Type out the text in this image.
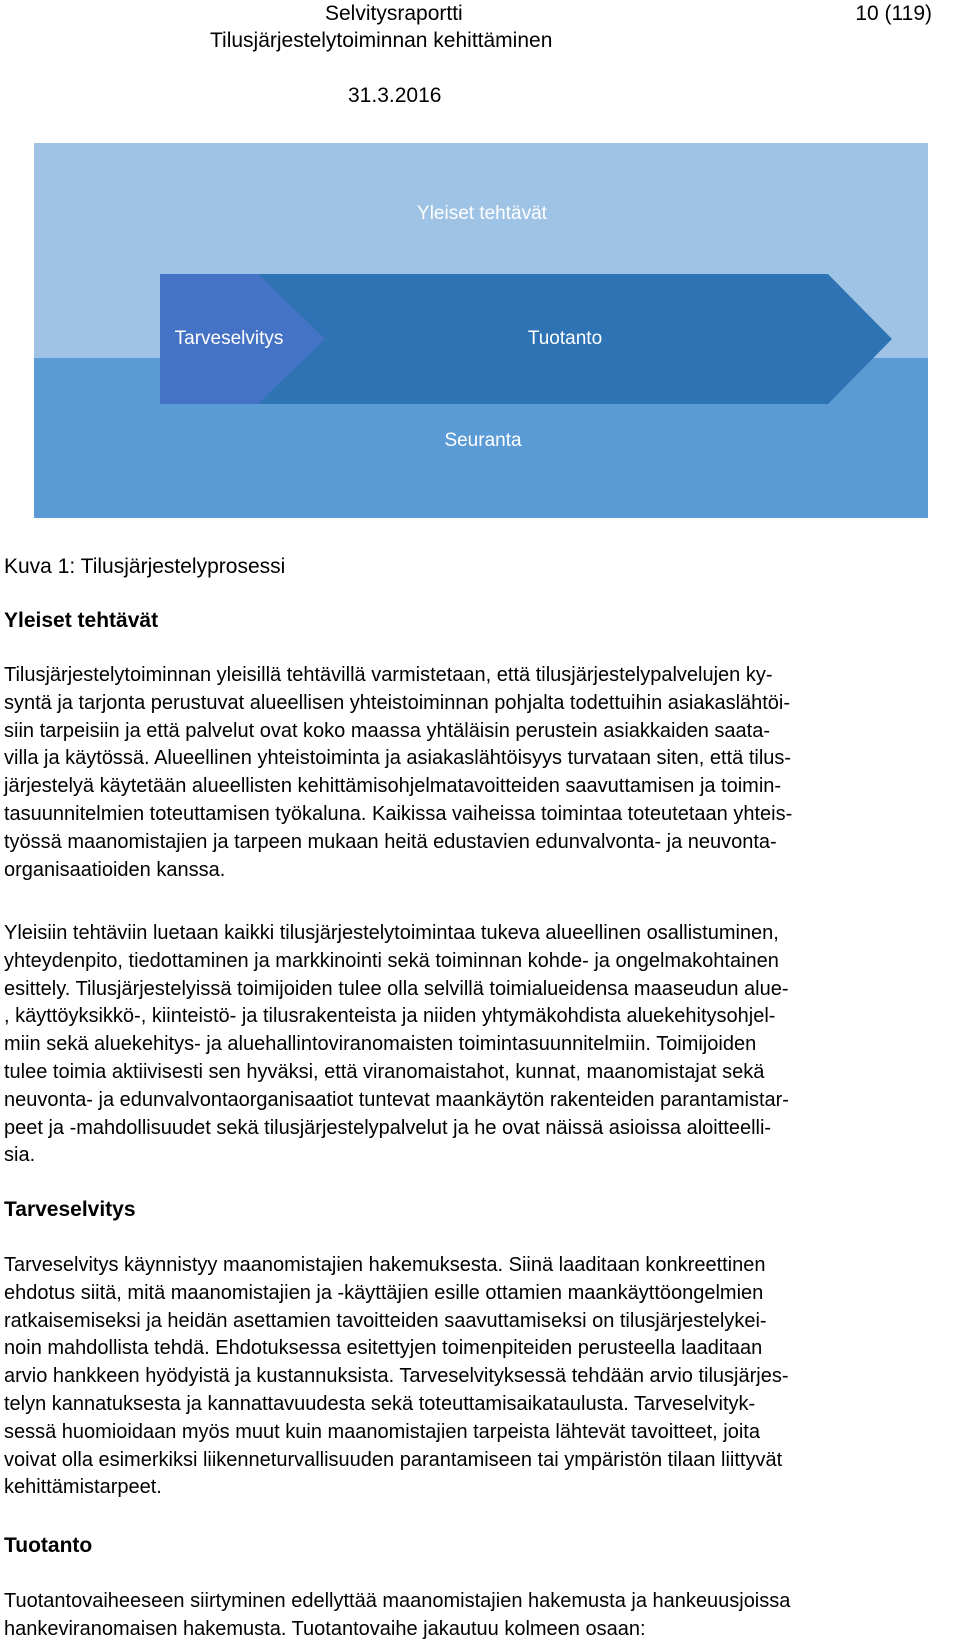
Selvitysraportti	10 (119)
Tilusjärjestelytoiminnan kehittäminen
31.3.2016
Yleiset tehtävät
Tarveselvitys	Tuotanto
Seuranta
Kuva 1: Tilusjärjestelyprosessi
Yleiset tehtävät
Tilusjärjestelytoiminnan yleisillä tehtävillä varmistetaan, että tilusjärjestelypalvelujen ky-
syntä ja tarjonta perustuvat alueellisen yhteistoiminnan pohjalta todettuihin asiakaslähtöi-
siin tarpeisiin ja että palvelut ovat koko maassa yhtäläisin perustein asiakkaiden saata-
villa ja käytössä. Alueellinen yhteistoiminta ja asiakaslähtöisyys turvataan siten, että tilus-
järjestelyä käytetään alueellisten kehittämisohjelmatavoitteiden saavuttamisen ja toimin-
tasuunnitelmien toteuttamisen työkaluna. Kaikissa vaiheissa toimintaa toteutetaan yhteis-
työssä maanomistajien ja tarpeen mukaan heitä edustavien edunvalvonta- ja neuvonta-
organisaatioiden kanssa.
Yleisiin tehtäviin luetaan kaikki tilusjärjestelytoimintaa tukeva alueellinen osallistuminen,
yhteydenpito, tiedottaminen ja markkinointi sekä toiminnan kohde- ja ongelmakohtainen
esittely. Tilusjärjestelyissä toimijoiden tulee olla selvillä toimialueidensa maaseudun alue-
, käyttöyksikkö-, kiinteistö- ja tilusrakenteista ja niiden yhtymäkohdista aluekehitysohjel-
miin sekä aluekehitys- ja aluehallintoviranomaisten toimintasuunnitelmiin. Toimijoiden
tulee toimia aktiivisesti sen hyväksi, että viranomaistahot, kunnat, maanomistajat sekä
neuvonta- ja edunvalvontaorganisaatiot tuntevat maankäytön rakenteiden parantamistar-
peet ja -mahdollisuudet sekä tilusjärjestelypalvelut ja he ovat näissä asioissa aloitteelli-
sia.
Tarveselvitys
Tarveselvitys käynnistyy maanomistajien hakemuksesta. Siinä laaditaan konkreettinen
ehdotus siitä, mitä maanomistajien ja -käyttäjien esille ottamien maankäyttöongelmien
ratkaisemiseksi ja heidän asettamien tavoitteiden saavuttamiseksi on tilusjärjestelykei-
noin mahdollista tehdä. Ehdotuksessa esitettyjen toimenpiteiden perusteella laaditaan
arvio hankkeen hyödyistä ja kustannuksista. Tarveselvityksessä tehdään arvio tilusjärjes-
telyn kannatuksesta ja kannattavuudesta sekä toteuttamisaikataulusta. Tarveselvityk-
sessä huomioidaan myös muut kuin maanomistajien tarpeista lähtevät tavoitteet, joita
voivat olla esimerkiksi liikenneturvallisuuden parantamiseen tai ympäristön tilaan liittyvät
kehittämistarpeet.
Tuotanto
Tuotantovaiheeseen siirtyminen edellyttää maanomistajien hakemusta ja hankeuusjoissa
hankeviranomaisen hakemusta. Tuotantovaihe jakautuu kolmeen osaan:
